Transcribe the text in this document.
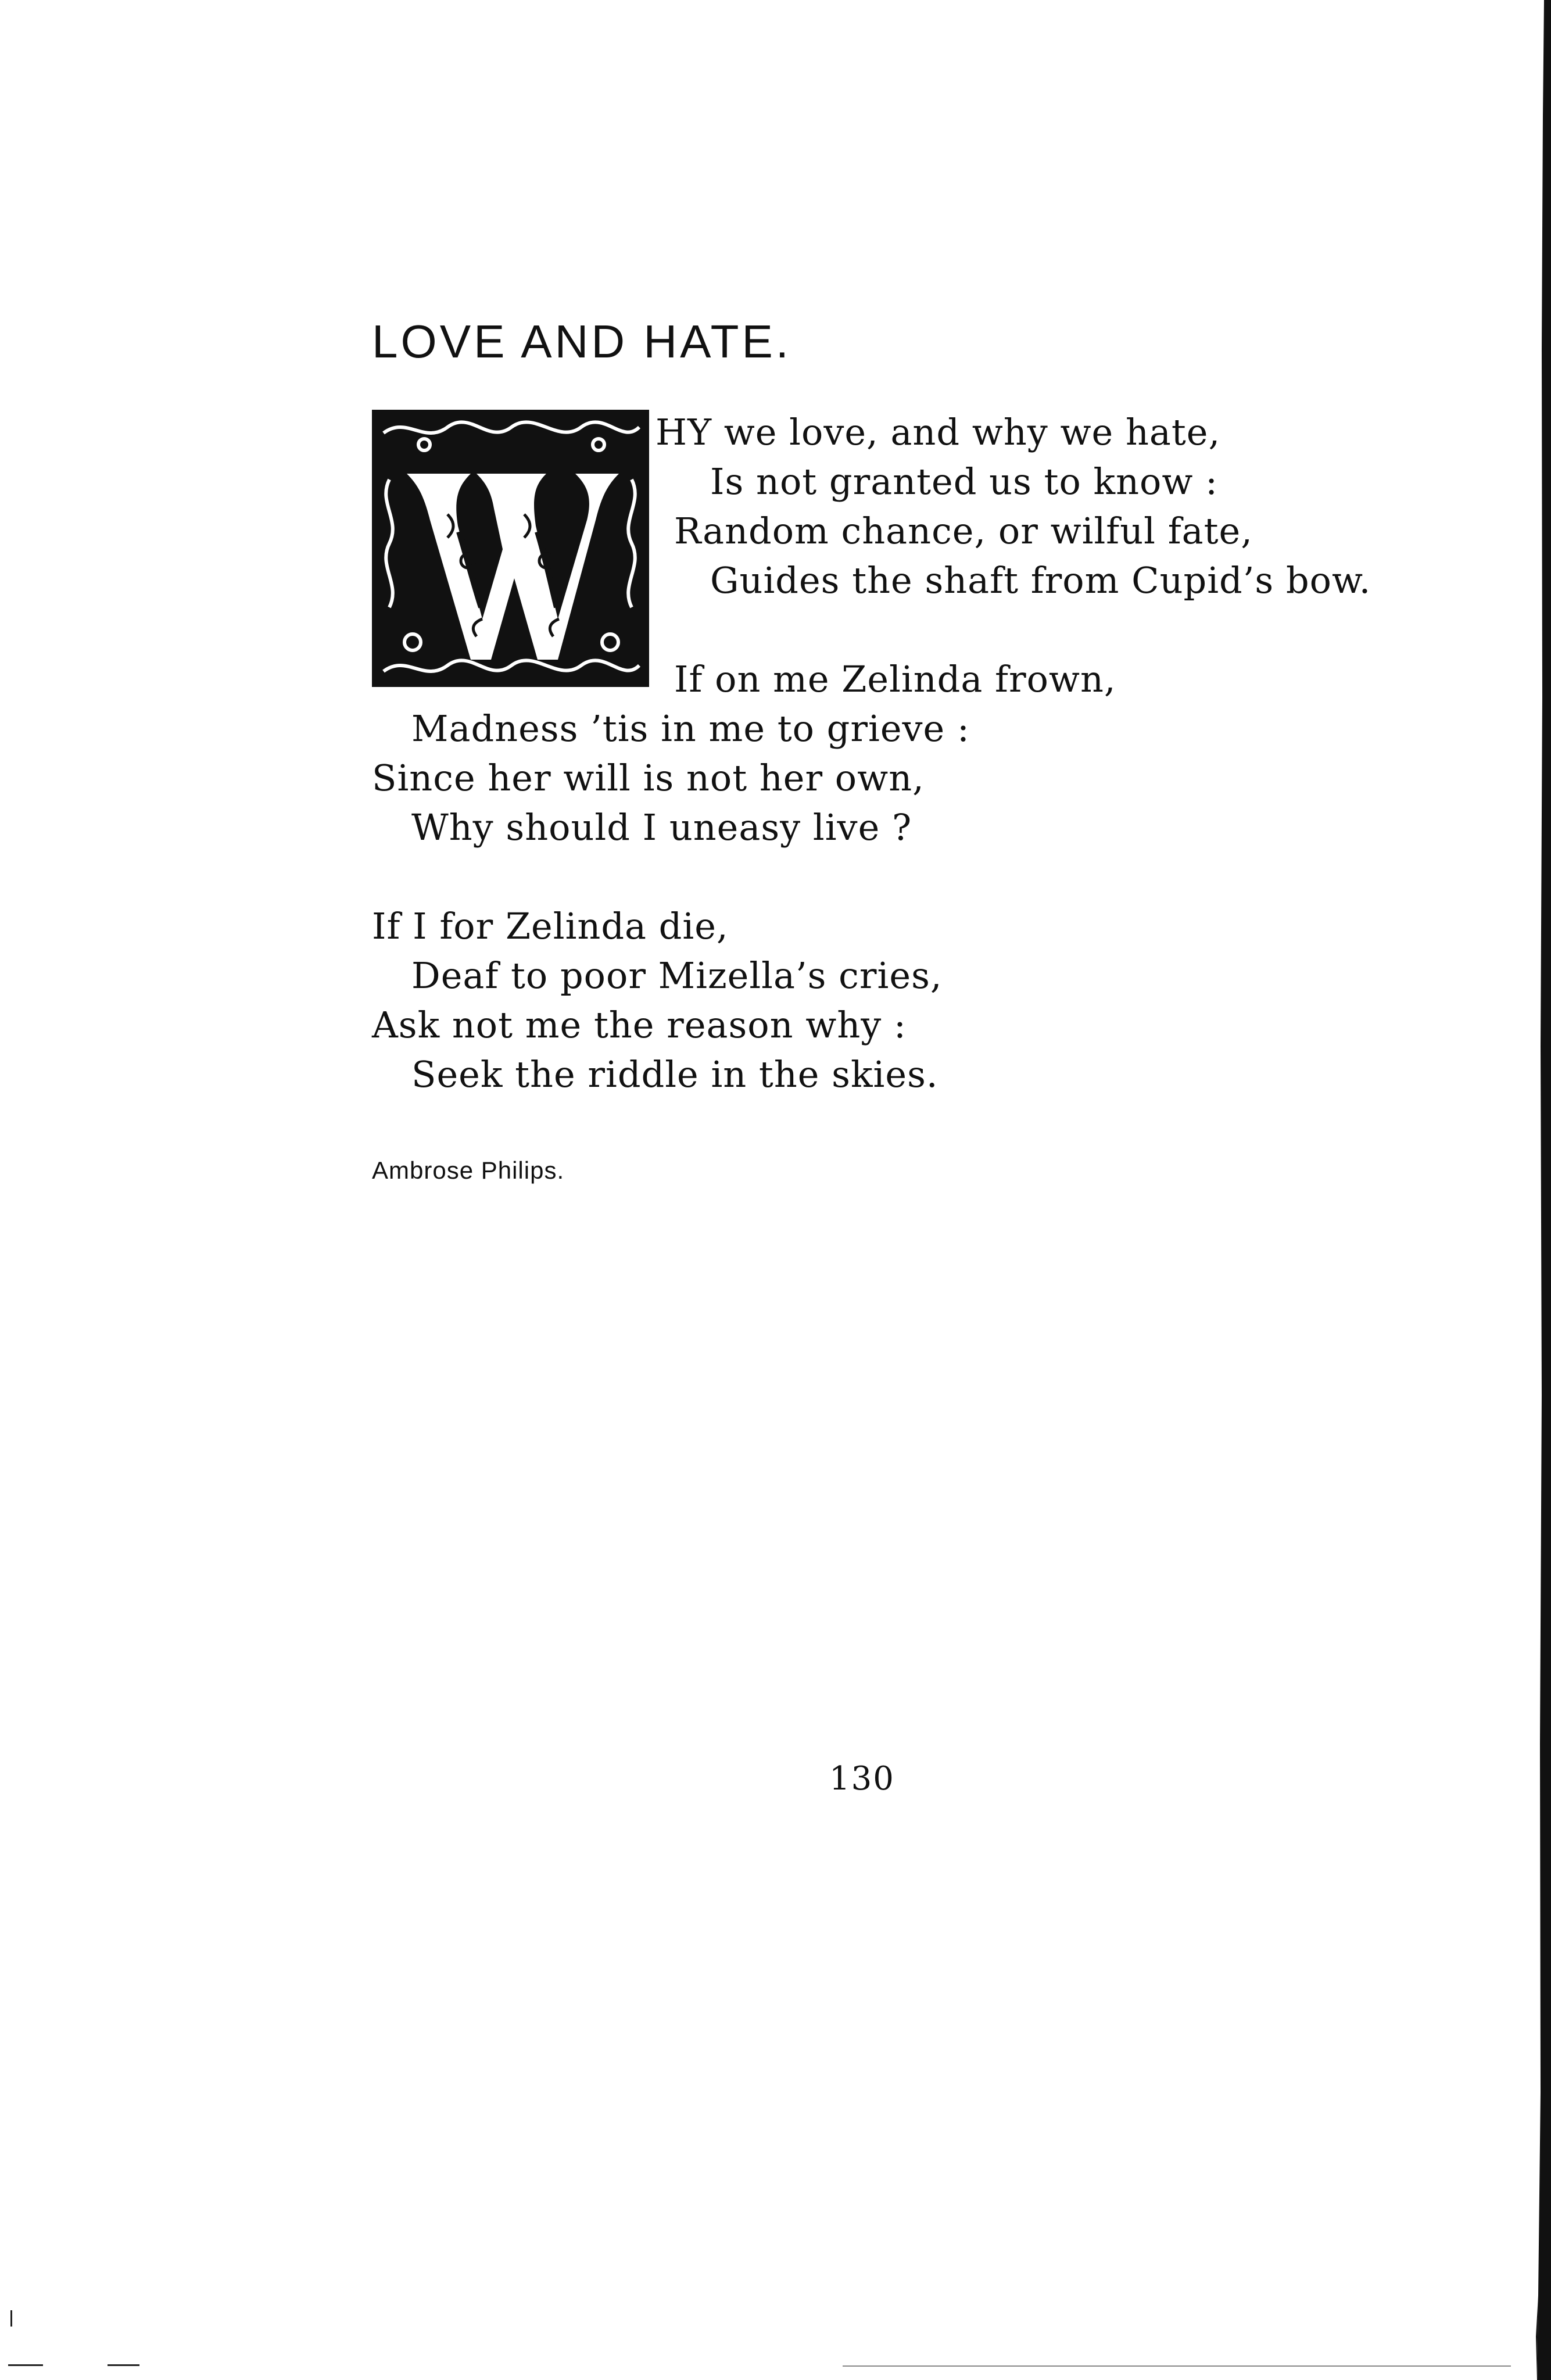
LOVE AND HATE.
HY we love, and why we hate,
Is not granted us to know :
Random chance, or wilful fate,
Guides the shaft from Cupid’s bow.
If on me Zelinda frown,
Madness ’tis in me to grieve :
Since her will is not her own,
Why should I uneasy live ?
If I for Zelinda die,
Deaf to poor Mizella’s cries,
Ask not me the reason why :
Seek the riddle in the skies.
Ambrose Philips.
130
